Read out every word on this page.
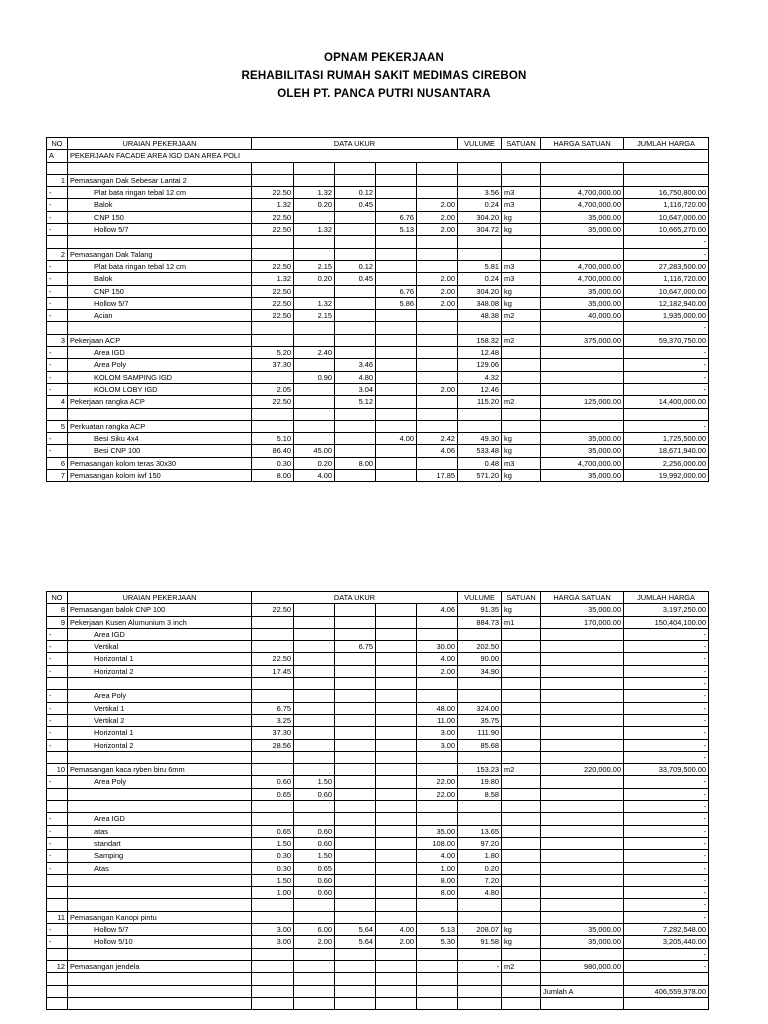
OPNAM PEKERJAAN
REHABILITASI RUMAH SAKIT MEDIMAS CIREBON
OLEH PT. PANCA PUTRI NUSANTARA
NO	URAIAN PEKERJAAN	DATA UKUR					VULUME	SATUAN	HARGA SATUAN	JUMLAH HARGA
A	PEKERJAAN FACADE AREA IGD DAN AREA POLI									

1	Pemasangan Dak Sebesar Lantai 2									
-	Plat bata ringan tebal 12 cm	22.50	1.32	0.12			3.56	m3	4,700,000.00	16,750,800.00
-	Balok	1.32	0.20	0.45		2.00	0.24	m3	4,700,000.00	1,116,720.00
-	CNP 150	22.50			6.76	2.00	304.20	kg	35,000.00	10,647,000.00
-	Hollow 5/7	22.50	1.32		5.13	2.00	304.72	kg	35,000.00	10,665,270.00
										-
2	Pemasangan Dak Talang									-
-	Plat bata ringan tebal 12 cm	22.50	2.15	0.12			5.81	m3	4,700,000.00	27,283,500.00
-	Balok	1.32	0.20	0.45		2.00	0.24	m3	4,700,000.00	1,116,720.00
-	CNP 150	22.50			6.76	2.00	304.20	kg	35,000.00	10,647,000.00
-	Hollow 5/7	22.50	1.32		5.86	2.00	348.08	kg	35,000.00	12,182,940.00
-	Acian	22.50	2.15				48.38	m2	40,000.00	1,935,000.00
										-
3	Pekerjaan ACP						158.32	m2	375,000.00	59,370,750.00
-	Area IGD	5.20	2.40				12.48			-
-	Area Poly	37.30		3.46			129.06			-
-	KOLOM SAMPING IGD		0.90	4.80			4.32			-
-	KOLOM LOBY IGD	2.05		3.04		2.00	12.46			-
4	Pekerjaan rangka ACP	22.50		5.12			115.20	m2	125,000.00	14,400,000.00

5	Perkuatan rangka ACP									-
-	Besi Siku 4x4	5.10			4.00	2.42	49.30	kg	35,000.00	1,725,500.00
-	Besi CNP 100	86.40	45.00			4.06	533.48	kg	35,000.00	18,671,940.00
6	Pemasangan kolom teras 30x30	0.30	0.20	8.00			0.48	m3	4,700,000.00	2,256,000.00
7	Pemasangan kolom iwf 150	8.00	4.00			17.85	571.20	kg	35,000.00	19,992,000.00
NO	URAIAN PEKERJAAN	DATA UKUR					VULUME	SATUAN	HARGA SATUAN	JUMLAH HARGA
8	Pemasangan balok CNP 100	22.50				4.06	91.35	kg	35,000.00	3,197,250.00
9	Pekerjaan Kusen Alumunium 3 inch						884.73	m1	170,000.00	150,404,100.00
-	Area IGD									-
-	Vertikal			6.75		30.00	202.50			-
-	Horizontal 1	22.50				4.00	90.00			-
-	Horizontal 2	17.45				2.00	34.90			-
										-
-	Area Poly									-
-	Vertikal 1	6.75				48.00	324.00			-
-	Vertikal 2	3.25				11.00	35.75			-
-	Horizontal 1	37.30				3.00	111.90			-
-	Horizontal 2	28.56				3.00	85.68			-
										-
10	Pemasangan kaca ryben biru 6mm						153.23	m2	220,000.00	33,709,500.00
-	Area Poly	0.60	1.50			22.00	19.80			-
		0.65	0.60			22.00	8.58			-
										-
-	Area IGD									-
-	atas	0.65	0.60			35.00	13.65			-
-	standart	1.50	0.60			108.00	97.20			-
-	Samping	0.30	1.50			4.00	1.80			-
-	Atas	0.30	0.65			1.00	0.20			-
		1.50	0.60			8.00	7.20			-
		1.00	0.60			8.00	4.80			-
										-
11	Pemasangan Kanopi pintu									-
-	Hollow 5/7	3.00	6.00	5.64	4.00	5.13	208.07	kg	35,000.00	7,282,548.00
-	Hollow 5/10	3.00	2.00	5.64	2.00	5.30	91.58	kg	35,000.00	3,205,440.00
										-
12	Pemasangan jendela						-	m2	980,000.00	-

									Jumlah A	406,559,978.00
